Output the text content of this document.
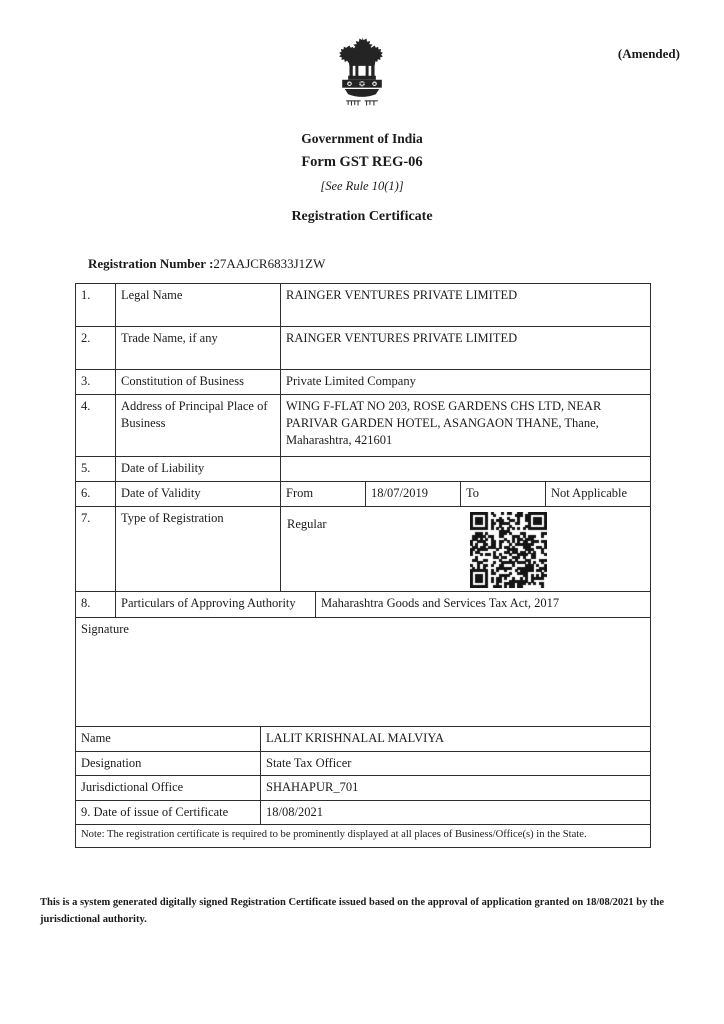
(Amended)
Government of India
Form GST REG-06
[See Rule 10(1)]
Registration Certificate
Registration Number :27AAJCR6833J1ZW
1.	Legal Name		RAINGER VENTURES PRIVATE LIMITED				
2.	Trade Name, if any		RAINGER VENTURES PRIVATE LIMITED				
3.	Constitution of Business		Private Limited Company				
4.	Address of Principal Place of Business		WING F-FLAT NO 203, ROSE GARDENS CHS LTD, NEAR PARIVAR GARDEN HOTEL, ASANGAON THANE, Thane, Maharashtra, 421601				
5.	Date of Liability						
6.	Date of Validity		From		18/07/2019	To	Not Applicable
7.	Type of Registration		Regular				

8.	Particulars of Approving Authority			Maharashtra Goods and Services Tax Act, 2017			
Signature							
Name		LALIT KRISHNALAL MALVIYA					
Designation		State Tax Officer					
Jurisdictional Office		SHAHAPUR_701					
9. Date of issue of Certificate		18/08/2021					
Note: The registration certificate is required to be prominently displayed at all places of Business/Office(s) in the State.							
This is a system generated digitally signed Registration Certificate issued based on the approval of application granted on 18/08/2021 by the jurisdictional authority.
